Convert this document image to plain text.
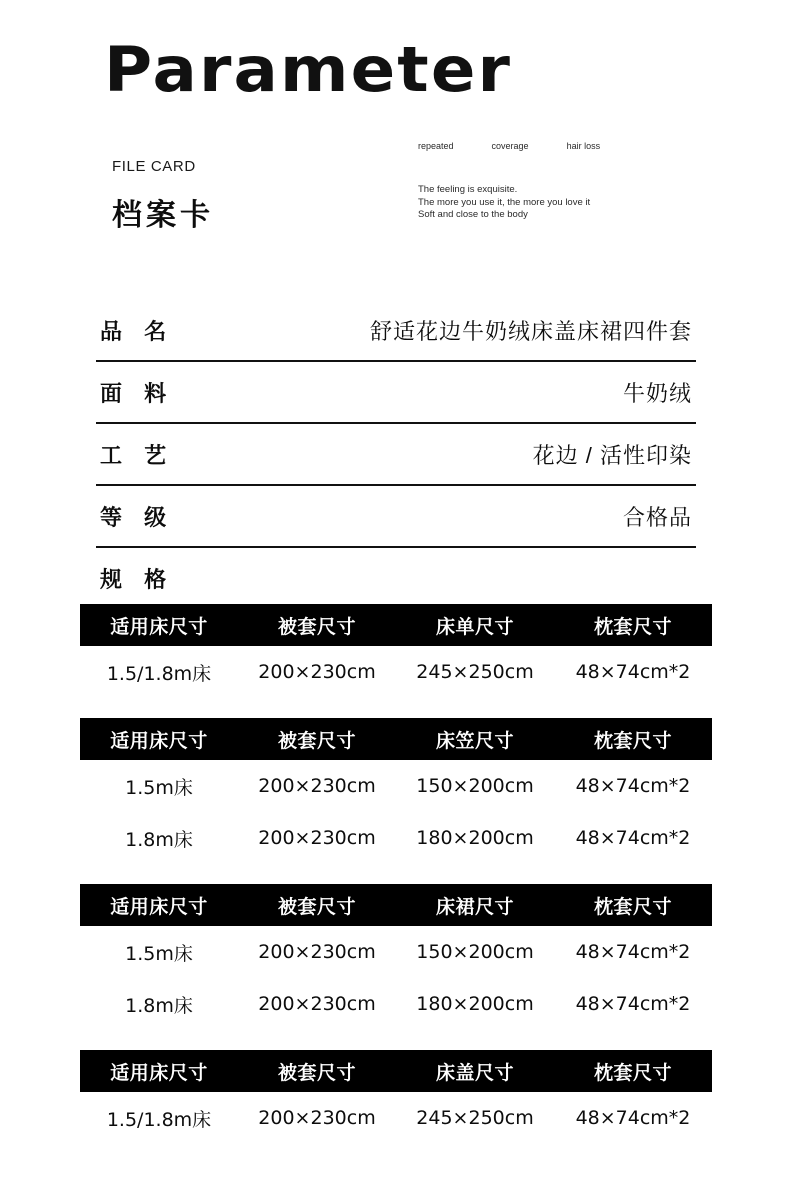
Parameter
FILE CARD
档案卡
repeated	coverage	hair loss
The feeling is exquisite.
The more you use it, the more you love it
Soft and close to the body
品 名	舒适花边牛奶绒床盖床裙四件套
面 料	牛奶绒
工 艺	花边 / 活性印染
等 级	合格品
规 格
适用床尺寸	被套尺寸	床单尺寸	枕套尺寸
1.5/1.8m床	200×230cm	245×250cm	48×74cm*2
适用床尺寸	被套尺寸	床笠尺寸	枕套尺寸
1.5m床	200×230cm	150×200cm	48×74cm*2
1.8m床	200×230cm	180×200cm	48×74cm*2
适用床尺寸	被套尺寸	床裙尺寸	枕套尺寸
1.5m床	200×230cm	150×200cm	48×74cm*2
1.8m床	200×230cm	180×200cm	48×74cm*2
适用床尺寸	被套尺寸	床盖尺寸	枕套尺寸
1.5/1.8m床	200×230cm	245×250cm	48×74cm*2
